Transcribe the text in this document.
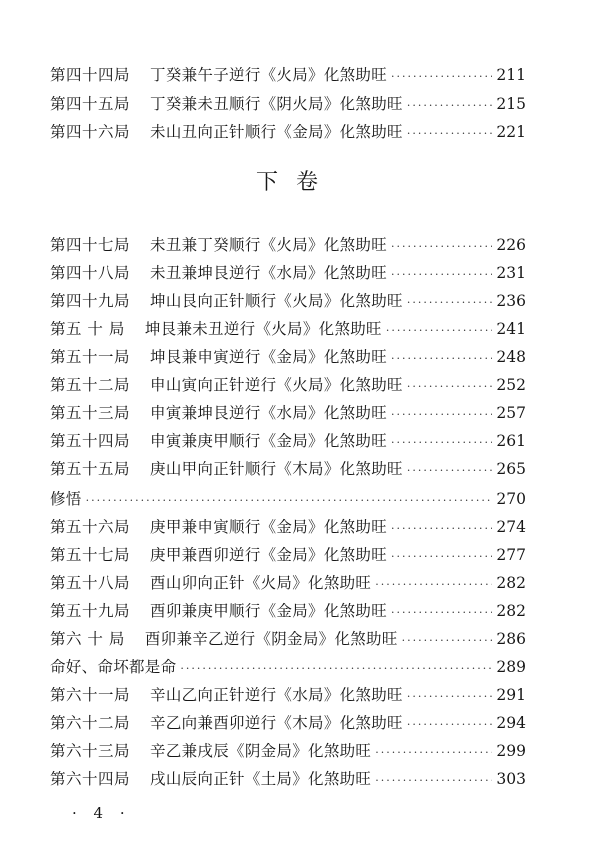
第四十四局 丁癸兼午子逆行《火局》化煞助旺 ·····	211
第四十五局 丁癸兼未丑顺行《阴火局》化煞助旺 ·····	215
第四十六局 未山丑向正针顺行《金局》化煞助旺 ·····	221
下卷
第四十七局 未丑兼丁癸顺行《火局》化煞助旺 ·····	226
第四十八局 未丑兼坤艮逆行《水局》化煞助旺 ·····	231
第四十九局 坤山艮向正针顺行《火局》化煞助旺 ·····	236
第五 十 局 坤艮兼未丑逆行《火局》化煞助旺 ·····	241
第五十一局 坤艮兼申寅逆行《金局》化煞助旺 ·····	248
第五十二局 申山寅向正针逆行《火局》化煞助旺 ·····	252
第五十三局 申寅兼坤艮逆行《水局》化煞助旺 ·····	257
第五十四局 申寅兼庚甲顺行《金局》化煞助旺 ·····	261
第五十五局 庚山甲向正针顺行《木局》化煞助旺 ·····	265
修悟 ·····	270
第五十六局 庚甲兼申寅顺行《金局》化煞助旺 ·····	274
第五十七局 庚甲兼酉卯逆行《金局》化煞助旺 ·····	277
第五十八局 酉山卯向正针《火局》化煞助旺 ·····	282
第五十九局 酉卯兼庚甲顺行《金局》化煞助旺 ·····	282
第六 十 局 酉卯兼辛乙逆行《阴金局》化煞助旺 ·····	286
命好、命坏都是命 ·····	289
第六十一局 辛山乙向正针逆行《水局》化煞助旺 ·····	291
第六十二局 辛乙向兼酉卯逆行《木局》化煞助旺 ·····	294
第六十三局 辛乙兼戌辰《阴金局》化煞助旺 ·····	299
第六十四局 戌山辰向正针《土局》化煞助旺 ·····	303
· 4 ·
